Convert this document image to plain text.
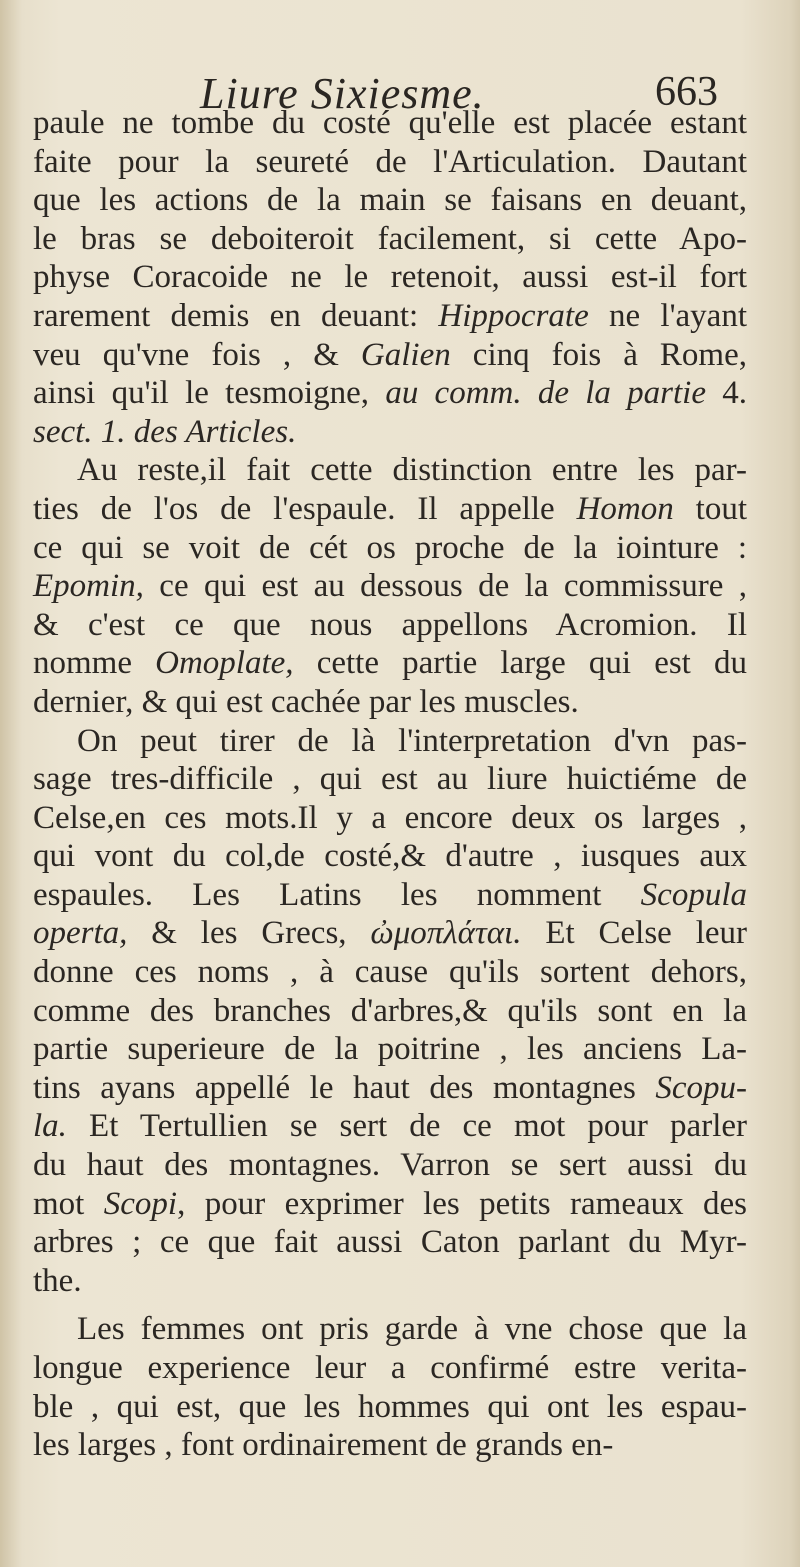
Liure Sixiesme.	663
paule ne tombe du costé qu'elle est placée estant
faite pour la seureté de l'Articulation. Dautant
que les actions de la main se faisans en deuant,
le bras se deboiteroit facilement, si cette Apo-
physe Coracoide ne le retenoit, aussi est-il fort
rarement demis en deuant: Hippocrate ne l'ayant
veu qu'vne fois , & Galien cinq fois à Rome,
ainsi qu'il le tesmoigne, au comm. de la partie 4.
sect. 1. des Articles.
Au reste,il fait cette distinction entre les par-
ties de l'os de l'espaule. Il appelle Homon tout
ce qui se voit de cét os proche de la iointure :
Epomin, ce qui est au dessous de la commissure ,
& c'est ce que nous appellons Acromion. Il
nomme Omoplate, cette partie large qui est du
dernier, & qui est cachée par les muscles.
On peut tirer de là l'interpretation d'vn pas-
sage tres-difficile , qui est au liure huictiéme de
Celse,en ces mots.Il y a encore deux os larges ,
qui vont du col,de costé,& d'autre , iusques aux
espaules. Les Latins les nomment Scopula
operta, & les Grecs, ὠμοπλάται. Et Celse leur
donne ces noms , à cause qu'ils sortent dehors,
comme des branches d'arbres,& qu'ils sont en la
partie superieure de la poitrine , les anciens La-
tins ayans appellé le haut des montagnes Scopu-
la. Et Tertullien se sert de ce mot pour parler
du haut des montagnes. Varron se sert aussi du
mot Scopi, pour exprimer les petits rameaux des
arbres ; ce que fait aussi Caton parlant du Myr-
the.
Les femmes ont pris garde à vne chose que la
longue experience leur a confirmé estre verita-
ble , qui est, que les hommes qui ont les espau-
les larges , font ordinairement de grands en-
